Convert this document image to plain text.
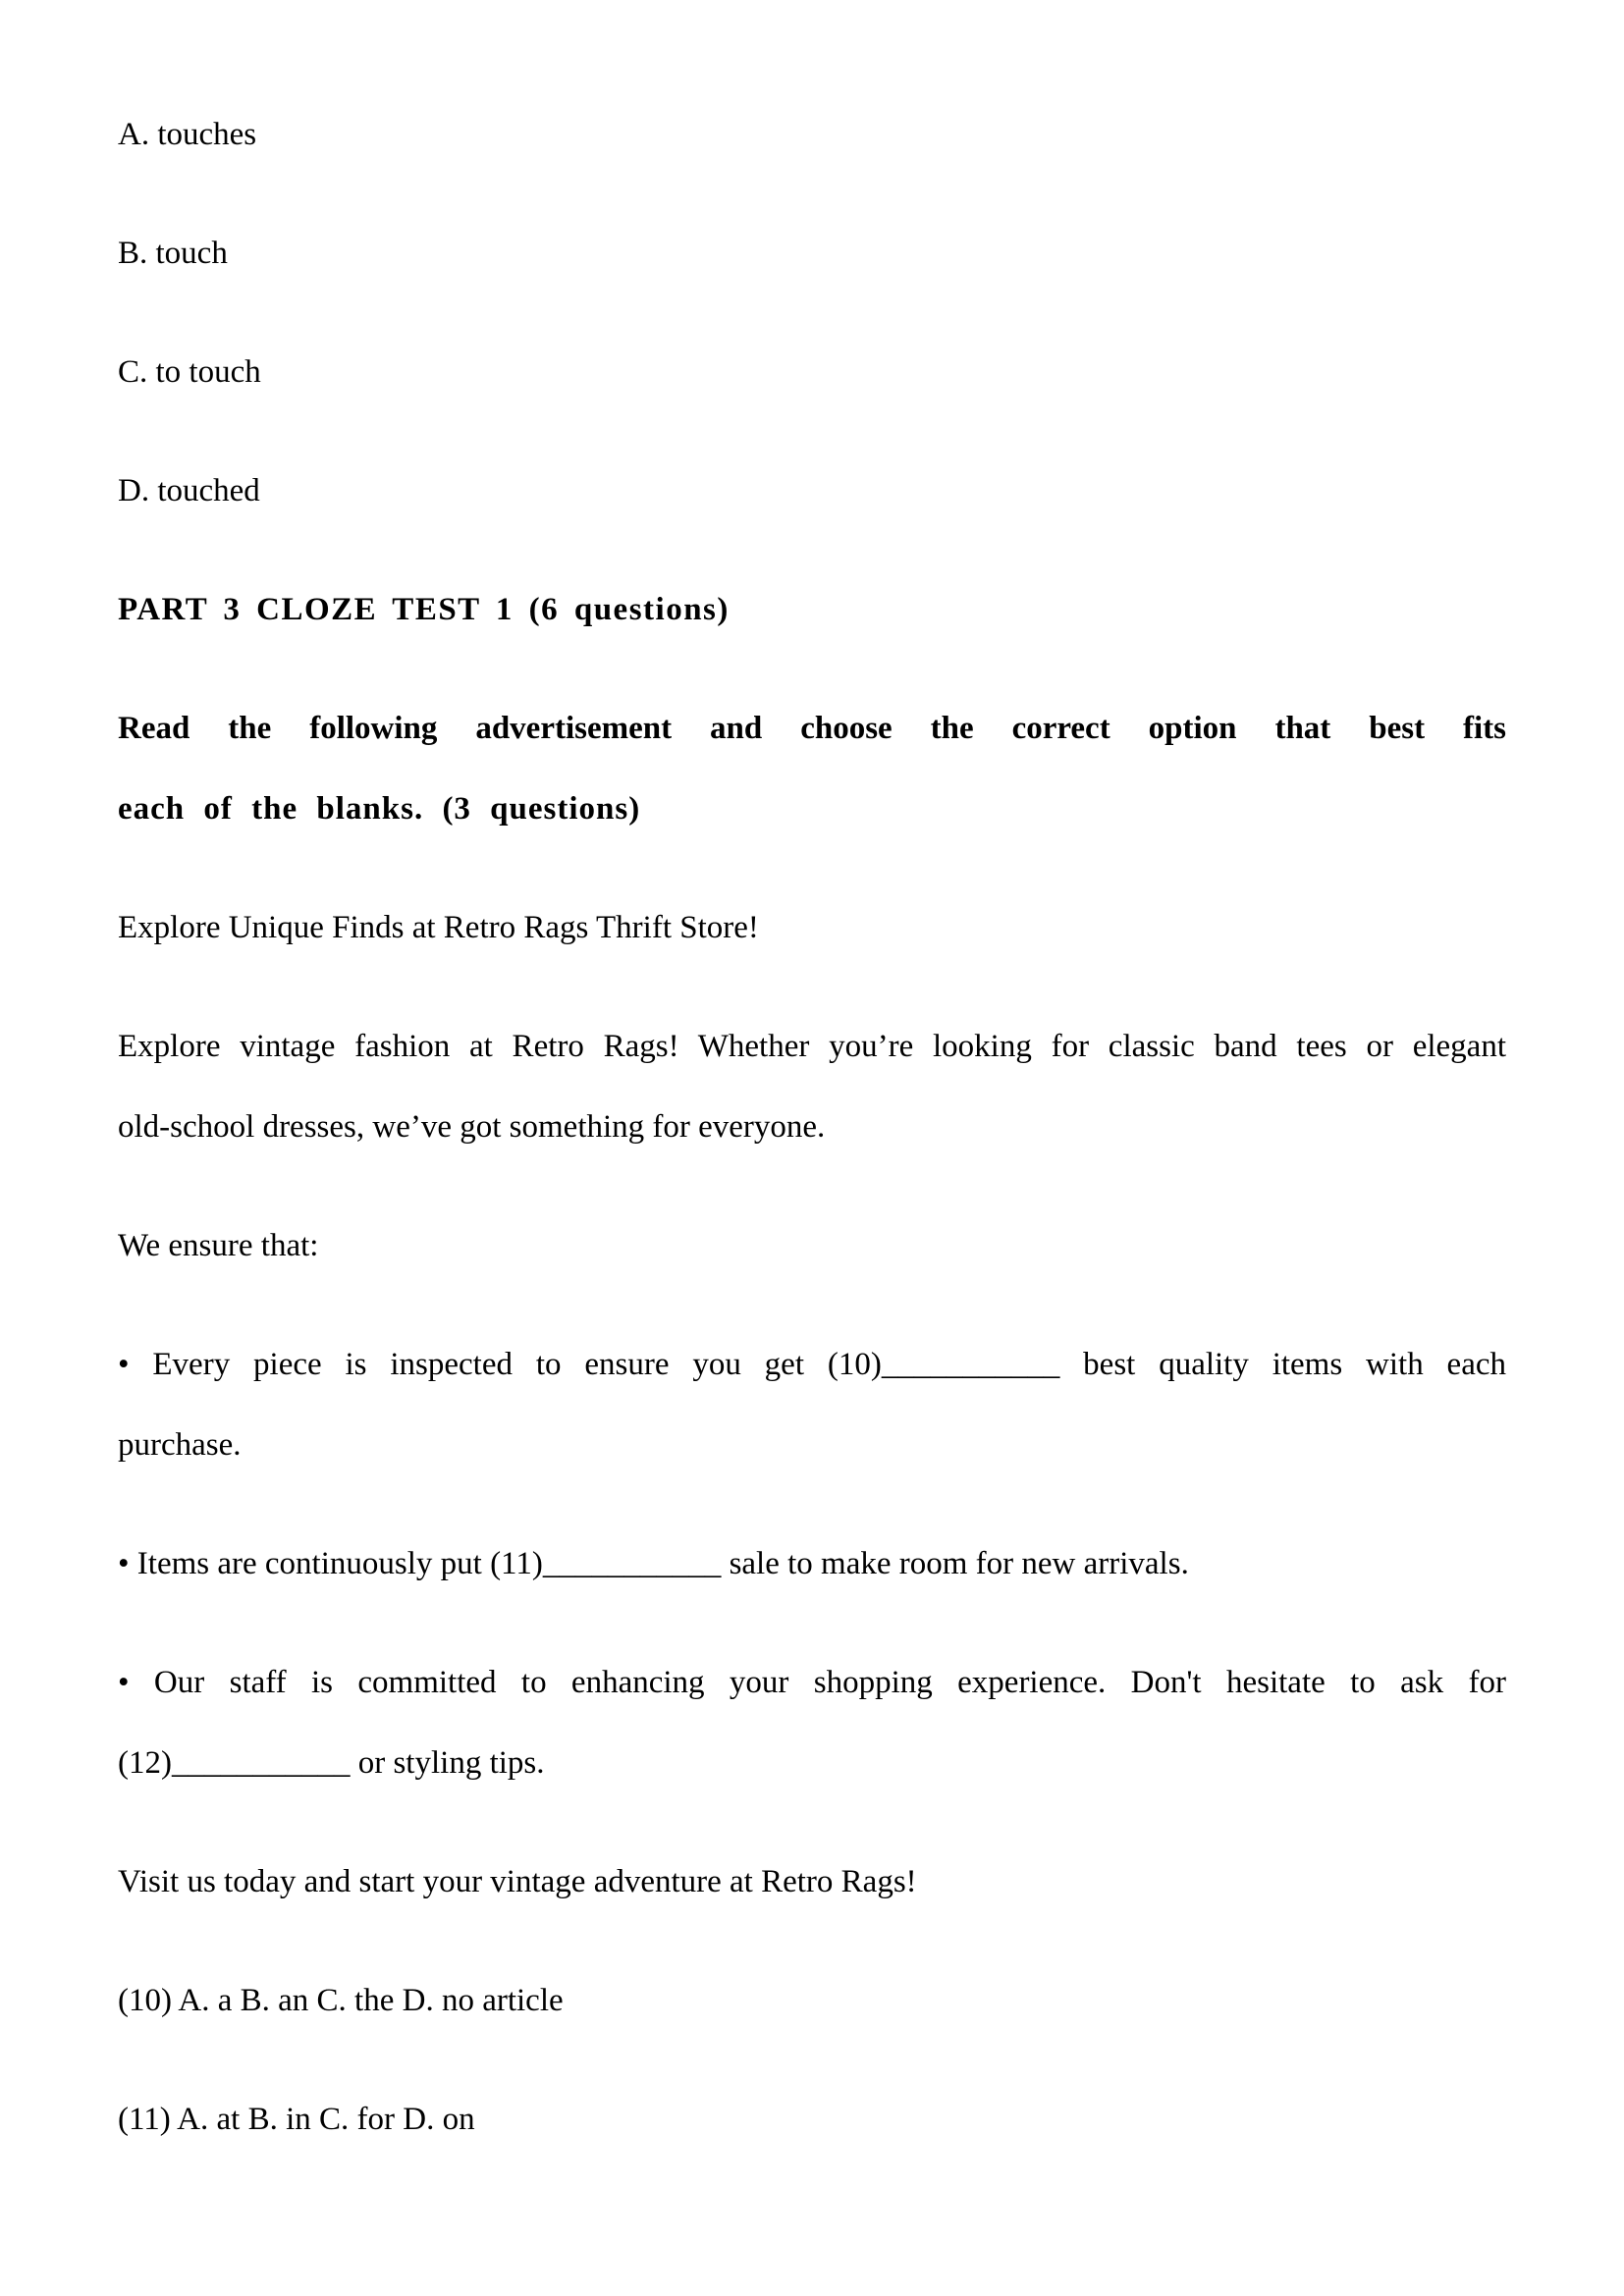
A. touches

B. touch

C. to touch

D. touched

PART 3 CLOZE TEST 1 (6 questions)

Read the following advertisement and choose the correct option that best fits

each of the blanks. (3 questions)

Explore Unique Finds at Retro Rags Thrift Store!

Explore vintage fashion at Retro Rags! Whether you’re looking for classic band tees or elegant

old-school dresses, we’ve got something for everyone.

We ensure that:

• Every piece is inspected to ensure you get (10)___________ best quality items with each

purchase.

• Items are continuously put (11)___________ sale to make room for new arrivals.

• Our staff is committed to enhancing your shopping experience. Don't hesitate to ask for

(12)___________ or styling tips.

Visit us today and start your vintage adventure at Retro Rags!

(10) A. a B. an C. the D. no article

(11) A. at B. in C. for D. on
